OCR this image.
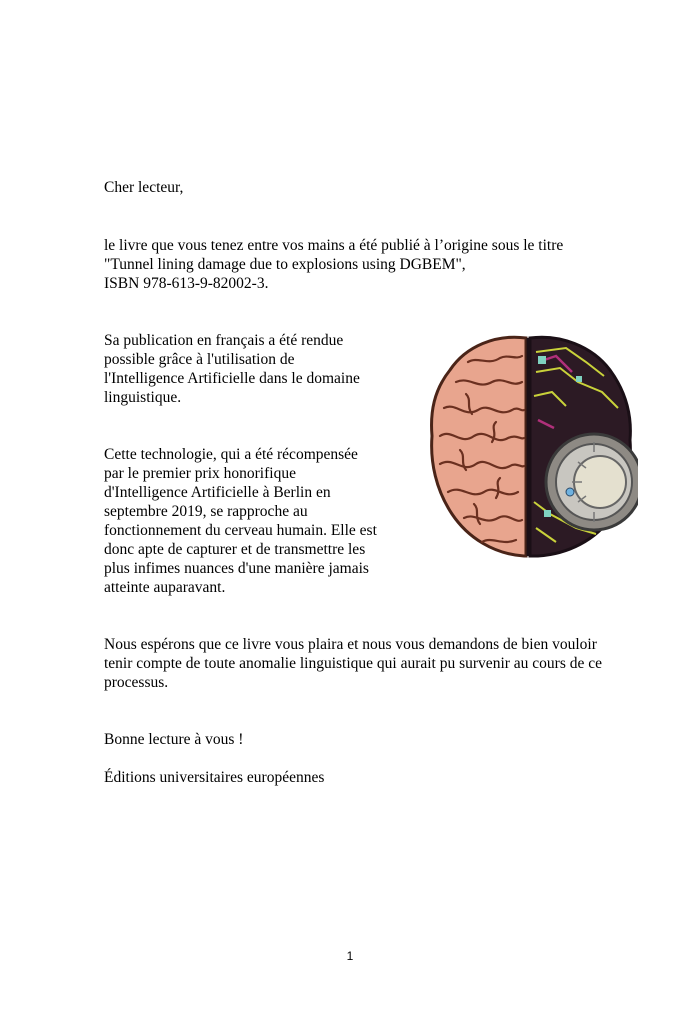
Cher lecteur,

le livre que vous tenez entre vos mains a été publié à l’origine sous le titre
"Tunnel lining damage due to explosions using DGBEM",
ISBN 978-613-9-82002-3.
Sa publication en français a été rendue
possible grâce à l'utilisation de
l'Intelligence Artificielle dans le domaine
linguistique.
Cette technologie, qui a été récompensée
par le premier prix honorifique
d'Intelligence Artificielle à Berlin en
septembre 2019, se rapproche au
fonctionnement du cerveau humain. Elle est
donc apte de capturer et de transmettre les
plus infimes nuances d'une manière jamais
atteinte auparavant.
Nous espérons que ce livre vous plaira et nous vous demandons de bien vouloir
tenir compte de toute anomalie linguistique qui aurait pu survenir au cours de ce
processus.

Bonne lecture à vous !

Éditions universitaires européennes

1
